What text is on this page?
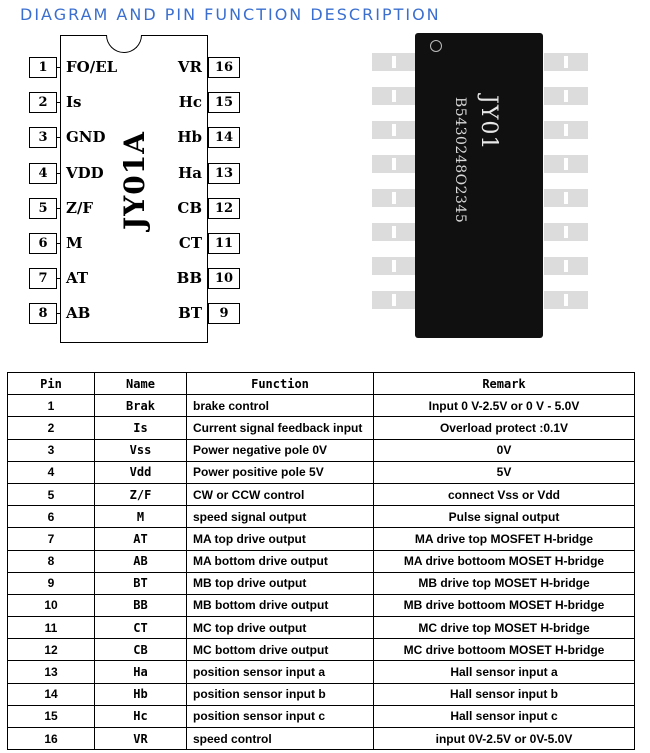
DIAGRAM AND PIN FUNCTION DESCRIPTION
JY01A
1	FO/EL
2	Is
3	GND
4	VDD
5	Z/F
6	M
7	AT
8	AB
16
VR
15
Hc
14
Hb
13
Ha
12
CB
11
CT
10
BB
9
BT
JY01
B5430248O2345
Pin	Name	Function	Remark
1	Brak	brake control	Input 0 V-2.5V or 0 V - 5.0V
2	Is	Current signal feedback input	Overload protect :0.1V
3	Vss	Power negative pole 0V	0V
4	Vdd	Power positive pole 5V	5V
5	Z/F	CW or CCW control	connect Vss or Vdd
6	M	speed signal output	Pulse signal output
7	AT	MA top drive output	MA drive top MOSFET H-bridge
8	AB	MA bottom drive output	MA drive bottoom MOSET H-bridge
9	BT	MB top drive output	MB drive top MOSET H-bridge
10	BB	MB bottom drive output	MB drive bottoom MOSET H-bridge
11	CT	MC top drive output	MC drive top MOSET H-bridge
12	CB	MC bottom drive output	MC drive bottoom MOSET H-bridge
13	Ha	position sensor input a	Hall sensor input a
14	Hb	position sensor input b	Hall sensor input b
15	Hc	position sensor input c	Hall sensor input c
16	VR	speed control	input 0V-2.5V or 0V-5.0V
